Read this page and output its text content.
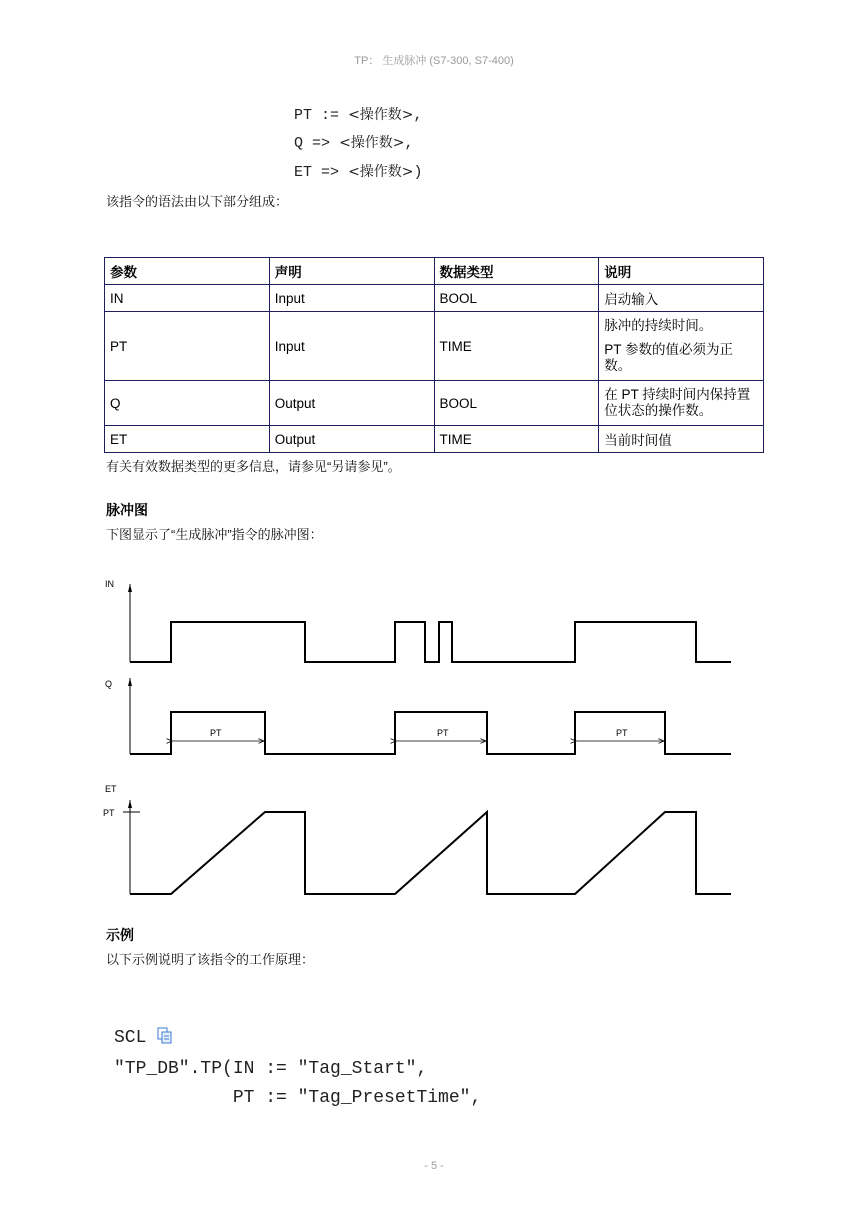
TP： 生成脉冲 (S7-300, S7-400)
PT := <操作数>,
Q => <操作数>,
ET => <操作数>)
该指令的语法由以下部分组成：
参数	声明	数据类型	说明
IN	Input	BOOL	启动输入
PT	Input	TIME	脉冲的持续时间。

PT 参数的值必须为正数。

Q	Output	BOOL	在 PT 持续时间内保持置位状态的操作数。

ET	Output	TIME	当前时间值
有关有效数据类型的更多信息，请参见“另请参见”。
脉冲图
下图显示了“生成脉冲”指令的脉冲图：
IN
Q
PT	PT	PT
ET
PT
示例
以下示例说明了该指令的工作原理：
SCL
"TP_DB".TP(IN := "Tag_Start",
PT := "Tag_PresetTime",
- 5 -
